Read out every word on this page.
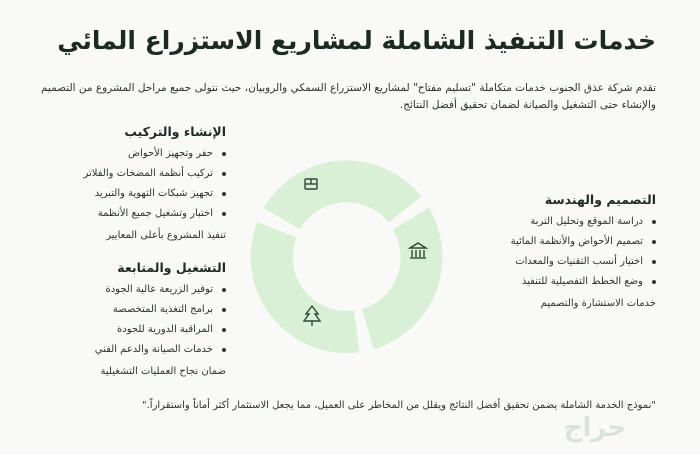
خدمات التنفيذ الشاملة لمشاريع الاستزراع المائي
تقدم شركة عذق الجنوب خدمات متكاملة "تسليم مفتاح" لمشاريع الاستزراع السمكي والروبيان، حيث نتولى جميع مراحل المشروع من التصميم والإنشاء حتى التشغيل والصيانة لضمان تحقيق أفضل النتائج.
الإنشاء والتركيب
حفر وتجهيز الأحواض
تركيب أنظمة المضخات والفلاتر
تجهيز شبكات التهوية والتبريد
اختبار وتشغيل جميع الأنظمة
تنفيذ المشروع بأعلى المعايير
التصميم والهندسة
دراسة الموقع وتحليل التربة
تصميم الأحواض والأنظمة المائية
اختيار أنسب التقنيات والمعدات
وضع الخطط التفصيلية للتنفيذ
خدمات الاستشارة والتصميم
التشغيل والمتابعة
توفير الزريعة عالية الجودة
برامج التغذية المتخصصة
المراقبة الدورية للجودة
خدمات الصيانة والدعم الفني
ضمان نجاح العمليات التشغيلية
"نموذج الخدمة الشاملة يضمن تحقيق أفضل النتائج ويقلل من المخاطر على العميل، مما يجعل الاستثمار أكثر أماناً واستقراراً."
حراج
